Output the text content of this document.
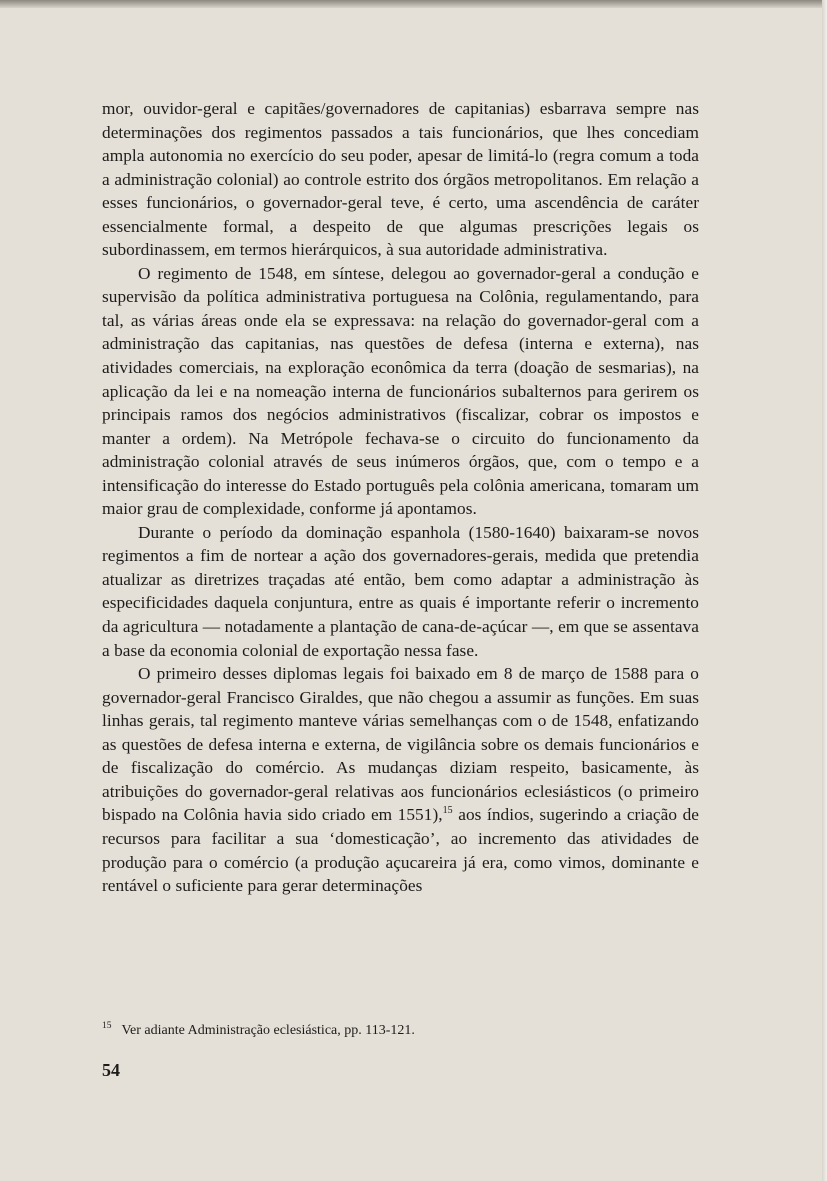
mor, ouvidor-geral e capitães/governadores de capitanias) esbarrava sempre nas determinações dos regimentos passados a tais funcionários, que lhes concediam ampla autonomia no exercício do seu poder, apesar de limitá-lo (regra comum a toda a administração colonial) ao controle estrito dos órgãos metropolitanos. Em relação a esses funcionários, o governador-geral teve, é certo, uma ascendência de caráter essencialmente formal, a despeito de que algumas prescrições legais os subordinassem, em termos hierárquicos, à sua autoridade administrativa.

O regimento de 1548, em síntese, delegou ao governador-geral a condução e supervisão da política administrativa portuguesa na Colônia, regulamentando, para tal, as várias áreas onde ela se expressava: na relação do governador-geral com a administração das capitanias, nas questões de defesa (interna e externa), nas atividades comerciais, na exploração econômica da terra (doação de sesmarias), na aplicação da lei e na nomeação interna de funcionários subalternos para gerirem os principais ramos dos negócios administrativos (fiscalizar, cobrar os impostos e manter a ordem). Na Metrópole fechava-se o circuito do funcionamento da administração colonial através de seus inúmeros órgãos, que, com o tempo e a intensificação do interesse do Estado português pela colônia americana, tomaram um maior grau de complexidade, conforme já apontamos.

Durante o período da dominação espanhola (1580-1640) baixaram-se novos regimentos a fim de nortear a ação dos governadores-gerais, medida que pretendia atualizar as diretrizes traçadas até então, bem como adaptar a administração às especificidades daquela conjuntura, entre as quais é importante referir o incremento da agricultura — notadamente a plantação de cana-de-açúcar —, em que se assentava a base da economia colonial de exportação nessa fase.

O primeiro desses diplomas legais foi baixado em 8 de março de 1588 para o governador-geral Francisco Giraldes, que não chegou a assumir as funções. Em suas linhas gerais, tal regimento manteve várias semelhanças com o de 1548, enfatizando as questões de defesa interna e externa, de vigilância sobre os demais funcionários e de fiscalização do comércio. As mudanças diziam respeito, basicamente, às atribuições do governador-geral relativas aos funcionários eclesiásticos (o primeiro bispado na Colônia havia sido criado em 1551),$^{15}$ aos índios, sugerindo a criação de recursos para facilitar a sua ‘domesticação’, ao incremento das atividades de produção para o comércio (a produção açucareira já era, como vimos, dominante e rentável o suficiente para gerar determinações

$^{15}$ Ver adiante Administração eclesiástica, pp. 113-121.
54
